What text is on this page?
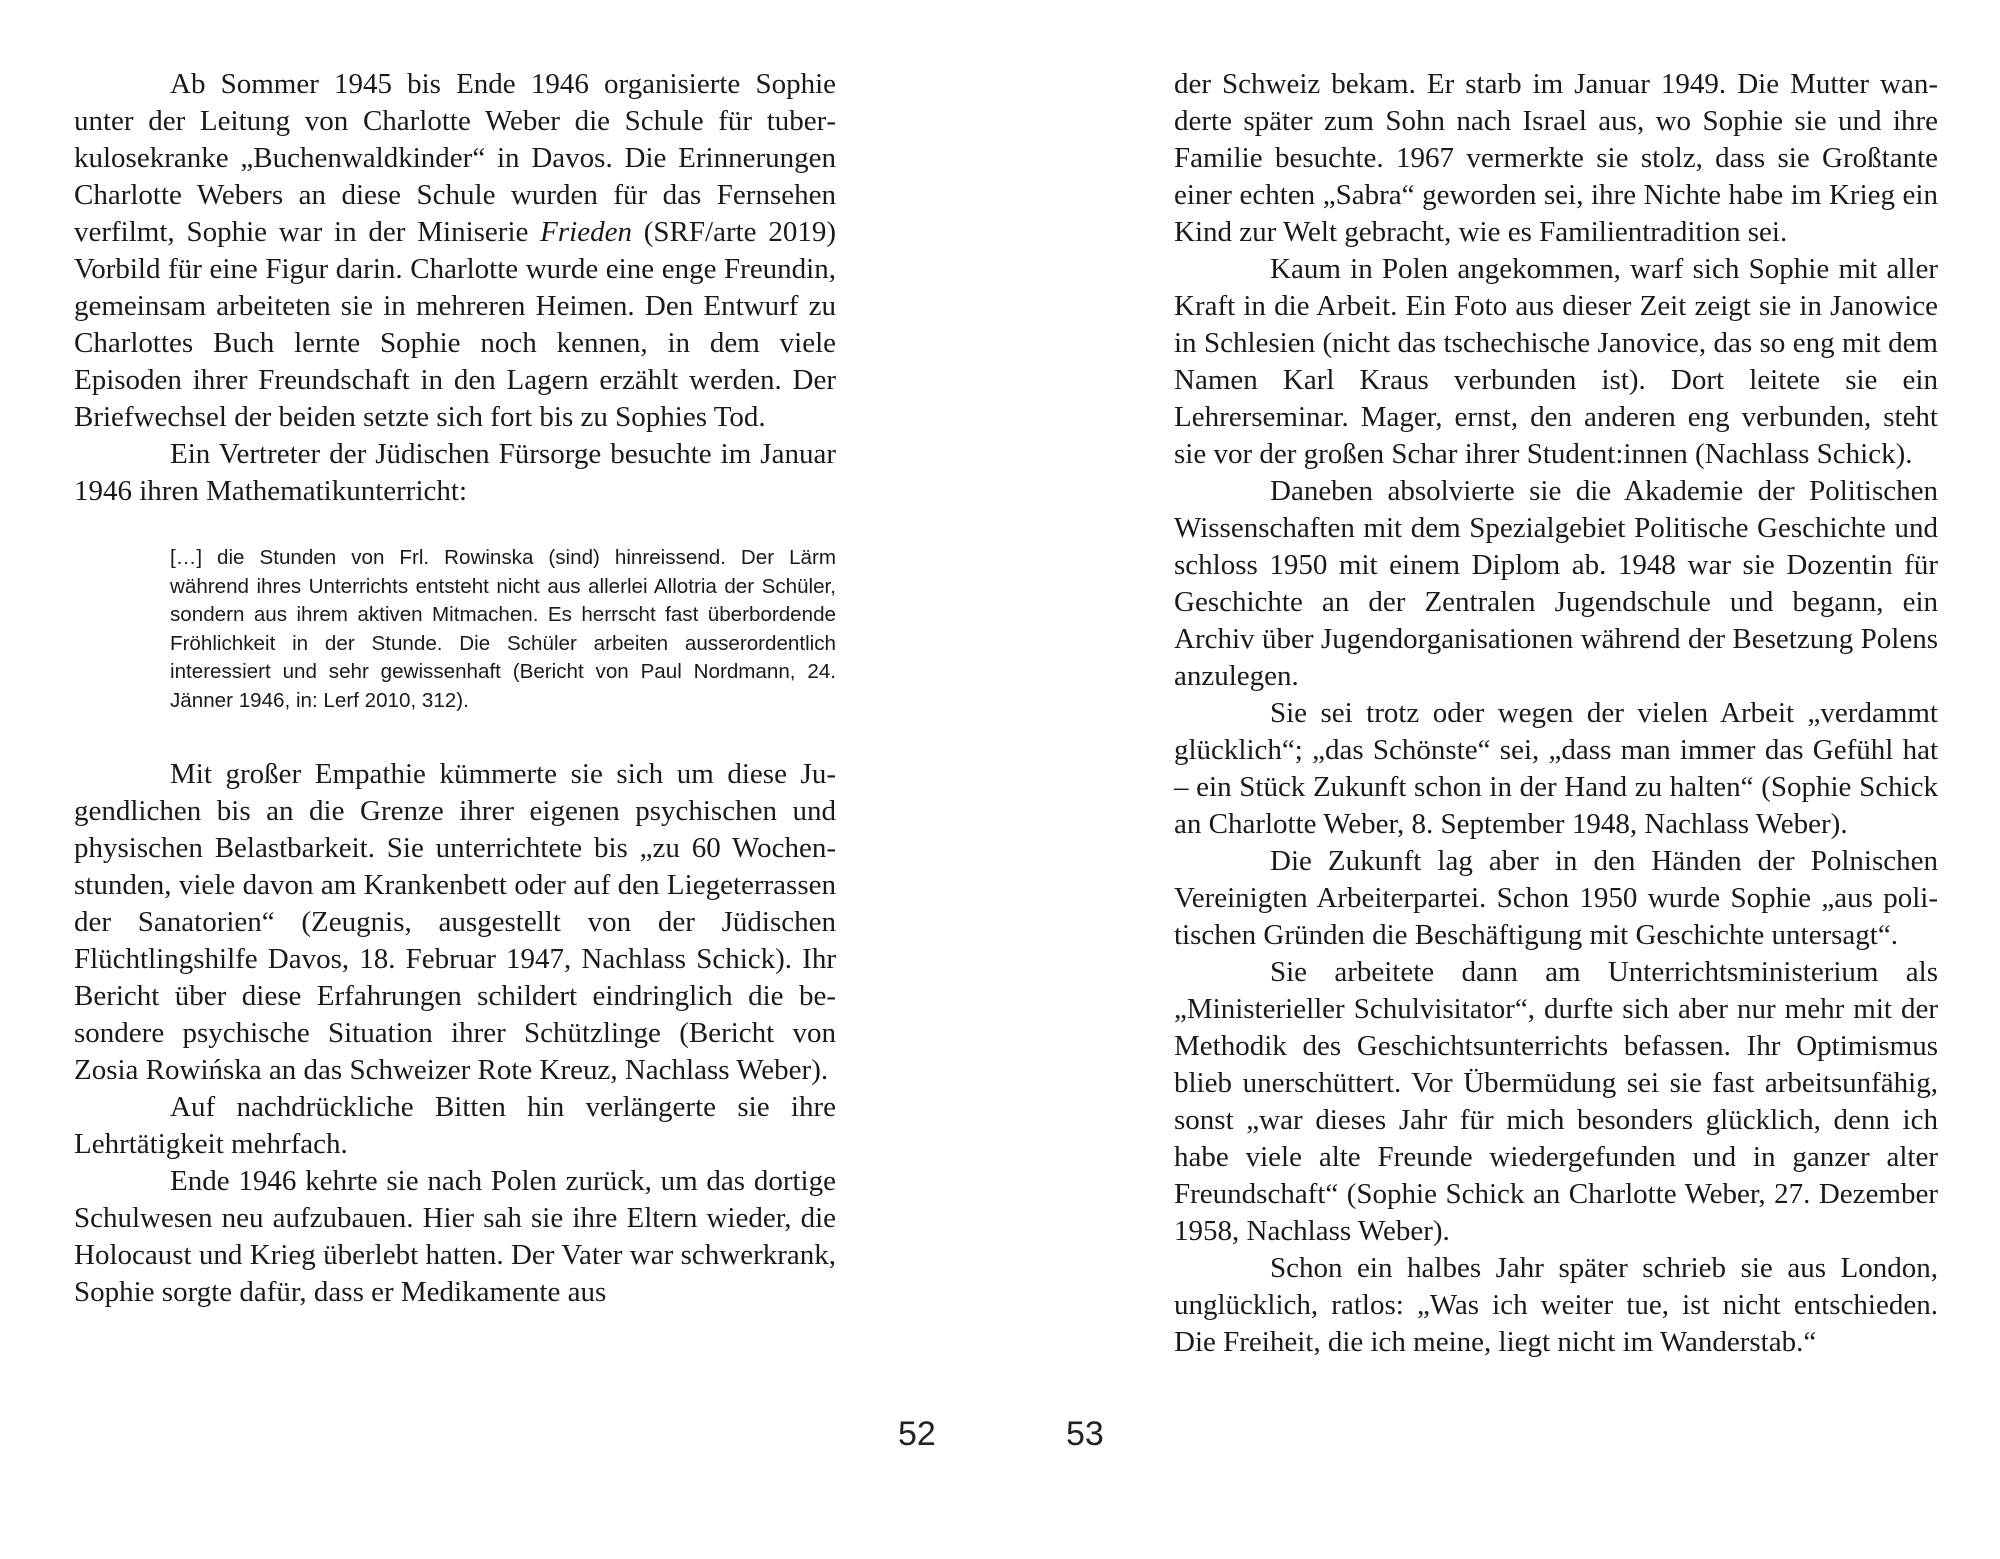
Ab Sommer 1945 bis Ende 1946 organisierte Sophie unter der Leitung von Charlotte Weber die Schule für tuberkulosekranke „Buchenwaldkinder“ in Davos. Die Erinnerungen Charlotte Webers an diese Schule wurden für das Fernsehen verfilmt, Sophie war in der Miniserie Frieden (SRF/arte 2019) Vorbild für eine Figur darin. Charlotte wurde eine enge Freundin, gemeinsam arbeiteten sie in mehreren Heimen. Den Entwurf zu Charlottes Buch lernte Sophie noch kennen, in dem viele Episoden ihrer Freundschaft in den Lagern erzählt werden. Der Briefwechsel der beiden setzte sich fort bis zu Sophies Tod.

Ein Vertreter der Jüdischen Fürsorge besuchte im Januar 1946 ihren Mathematikunterricht:

[…] die Stunden von Frl. Rowinska (sind) hinreissend. Der Lärm während ihres Unterrichts entsteht nicht aus allerlei Allotria der Schüler, sondern aus ihrem aktiven Mitmachen. Es herrscht fast überbordende Fröhlichkeit in der Stunde. Die Schüler arbeiten ausserordentlich interessiert und sehr gewissenhaft (Bericht von Paul Nordmann, 24. Jänner 1946, in: Lerf 2010, 312).

Mit großer Empathie kümmerte sie sich um diese Jugendlichen bis an die Grenze ihrer eigenen psychischen und physischen Belastbarkeit. Sie unterrichtete bis „zu 60 Wochenstunden, viele davon am Krankenbett oder auf den Liegeterrassen der Sanatorien“ (Zeugnis, ausgestellt von der Jüdischen Flüchtlingshilfe Davos, 18. Februar 1947, Nachlass Schick). Ihr Bericht über diese Erfahrungen schildert eindringlich die besondere psychische Situation ihrer Schützlinge (Bericht von Zosia Rowińska an das Schweizer Rote Kreuz, Nachlass Weber).

Auf nachdrückliche Bitten hin verlängerte sie ihre Lehrtätigkeit mehrfach.

Ende 1946 kehrte sie nach Polen zurück, um das dortige Schulwesen neu aufzubauen. Hier sah sie ihre Eltern wieder, die Holocaust und Krieg überlebt hatten. Der Vater war schwerkrank, Sophie sorgte dafür, dass er Medikamente aus

der Schweiz bekam. Er starb im Januar 1949. Die Mutter wanderte später zum Sohn nach Israel aus, wo Sophie sie und ihre Familie besuchte. 1967 vermerkte sie stolz, dass sie Großtante einer echten „Sabra“ geworden sei, ihre Nichte habe im Krieg ein Kind zur Welt gebracht, wie es Familientradition sei.

Kaum in Polen angekommen, warf sich Sophie mit aller Kraft in die Arbeit. Ein Foto aus dieser Zeit zeigt sie in Janowice in Schlesien (nicht das tschechische Janovice, das so eng mit dem Namen Karl Kraus verbunden ist). Dort leitete sie ein Lehrerseminar. Mager, ernst, den anderen eng verbunden, steht sie vor der großen Schar ihrer Student:innen (Nachlass Schick).

Daneben absolvierte sie die Akademie der Politischen Wissenschaften mit dem Spezialgebiet Politische Geschichte und schloss 1950 mit einem Diplom ab. 1948 war sie Dozentin für Geschichte an der Zentralen Jugendschule und begann, ein Archiv über Jugendorganisationen während der Besetzung Polens anzulegen.

Sie sei trotz oder wegen der vielen Arbeit „verdammt glücklich“; „das Schönste“ sei, „dass man immer das Gefühl hat – ein Stück Zukunft schon in der Hand zu halten“ (Sophie Schick an Charlotte Weber, 8. September 1948, Nachlass Weber).

Die Zukunft lag aber in den Händen der Polnischen Vereinigten Arbeiterpartei. Schon 1950 wurde Sophie „aus politischen Gründen die Beschäftigung mit Geschichte untersagt“.

Sie arbeitete dann am Unterrichtsministerium als „Ministerieller Schulvisitator“, durfte sich aber nur mehr mit der Methodik des Geschichtsunterrichts befassen. Ihr Optimismus blieb unerschüttert. Vor Übermüdung sei sie fast arbeitsunfähig, sonst „war dieses Jahr für mich besonders glücklich, denn ich habe viele alte Freunde wiedergefunden und in ganzer alter Freundschaft“ (Sophie Schick an Charlotte Weber, 27. Dezember 1958, Nachlass Weber).

Schon ein halbes Jahr später schrieb sie aus London, unglücklich, ratlos: „Was ich weiter tue, ist nicht entschieden. Die Freiheit, die ich meine, liegt nicht im Wanderstab.“

52	53
